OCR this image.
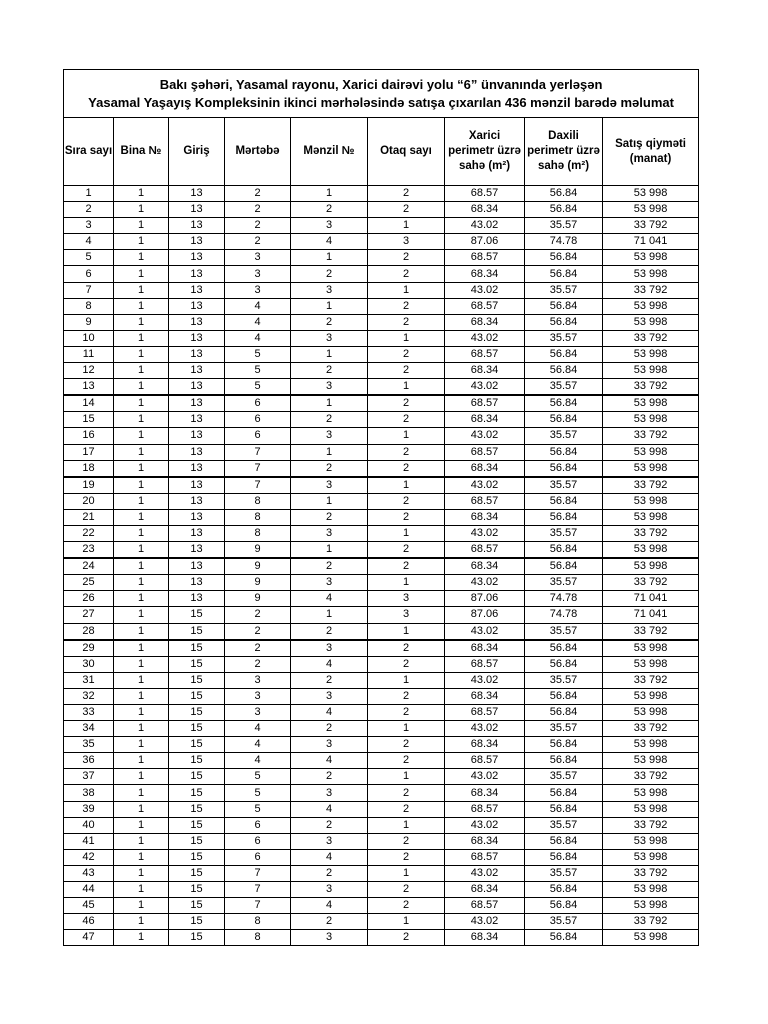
Bakı şəhəri, Yasamal rayonu, Xarici dairəvi yolu “6” ünvanında yerləşən
Yasamal Yaşayış Kompleksinin ikinci mərhələsində satışa çıxarılan 436 mənzil barədə məlumat								

Sıra sayı	Bina №	Giriş	Mərtəbə	Mənzil №	Otaq sayı	Xarici perimetr üzrə sahə (m²)	Daxili perimetr üzrə sahə (m²)	Satış qiymәti (manat)
1	1	13	2	1	2	68.57	56.84	53 998
2	1	13	2	2	2	68.34	56.84	53 998
3	1	13	2	3	1	43.02	35.57	33 792
4	1	13	2	4	3	87.06	74.78	71 041
5	1	13	3	1	2	68.57	56.84	53 998
6	1	13	3	2	2	68.34	56.84	53 998
7	1	13	3	3	1	43.02	35.57	33 792
8	1	13	4	1	2	68.57	56.84	53 998
9	1	13	4	2	2	68.34	56.84	53 998
10	1	13	4	3	1	43.02	35.57	33 792
11	1	13	5	1	2	68.57	56.84	53 998
12	1	13	5	2	2	68.34	56.84	53 998
13	1	13	5	3	1	43.02	35.57	33 792
14	1	13	6	1	2	68.57	56.84	53 998
15	1	13	6	2	2	68.34	56.84	53 998
16	1	13	6	3	1	43.02	35.57	33 792
17	1	13	7	1	2	68.57	56.84	53 998
18	1	13	7	2	2	68.34	56.84	53 998
19	1	13	7	3	1	43.02	35.57	33 792
20	1	13	8	1	2	68.57	56.84	53 998
21	1	13	8	2	2	68.34	56.84	53 998
22	1	13	8	3	1	43.02	35.57	33 792
23	1	13	9	1	2	68.57	56.84	53 998
24	1	13	9	2	2	68.34	56.84	53 998
25	1	13	9	3	1	43.02	35.57	33 792
26	1	13	9	4	3	87.06	74.78	71 041
27	1	15	2	1	3	87.06	74.78	71 041
28	1	15	2	2	1	43.02	35.57	33 792
29	1	15	2	3	2	68.34	56.84	53 998
30	1	15	2	4	2	68.57	56.84	53 998
31	1	15	3	2	1	43.02	35.57	33 792
32	1	15	3	3	2	68.34	56.84	53 998
33	1	15	3	4	2	68.57	56.84	53 998
34	1	15	4	2	1	43.02	35.57	33 792
35	1	15	4	3	2	68.34	56.84	53 998
36	1	15	4	4	2	68.57	56.84	53 998
37	1	15	5	2	1	43.02	35.57	33 792
38	1	15	5	3	2	68.34	56.84	53 998
39	1	15	5	4	2	68.57	56.84	53 998
40	1	15	6	2	1	43.02	35.57	33 792
41	1	15	6	3	2	68.34	56.84	53 998
42	1	15	6	4	2	68.57	56.84	53 998
43	1	15	7	2	1	43.02	35.57	33 792
44	1	15	7	3	2	68.34	56.84	53 998
45	1	15	7	4	2	68.57	56.84	53 998
46	1	15	8	2	1	43.02	35.57	33 792
47	1	15	8	3	2	68.34	56.84	53 998
